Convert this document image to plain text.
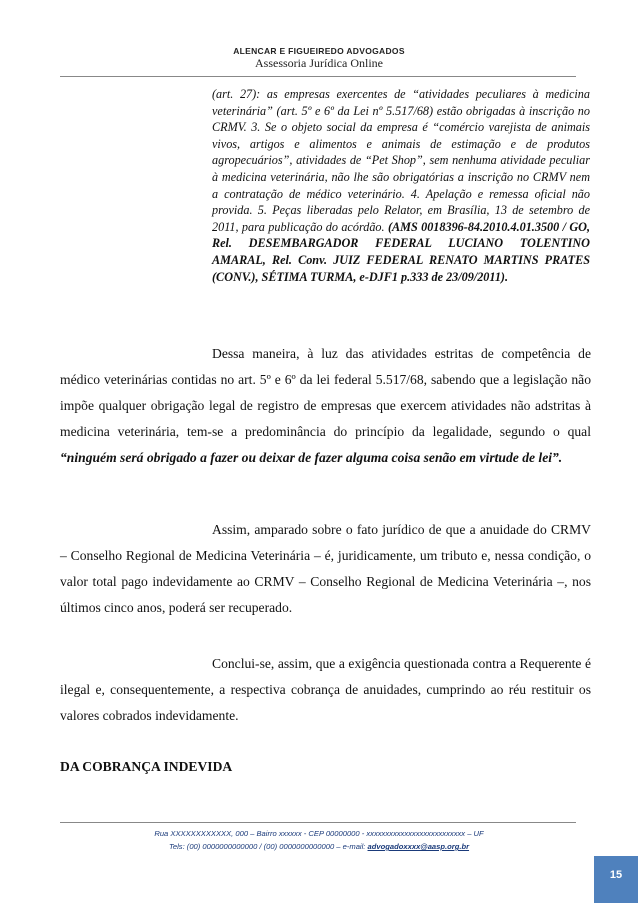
ALENCAR E FIGUEIREDO ADVOGADOS
Assessoria Jurídica Online
(art. 27): as empresas exercentes de “atividades peculiares à medicina veterinária” (art. 5º e 6º da Lei nº 5.517/68) estão obrigadas à inscrição no CRMV. 3. Se o objeto social da empresa é “comércio varejista de animais vivos, artigos e alimentos e animais de estimação e de produtos agropecuários”, atividades de “Pet Shop”, sem nenhuma atividade peculiar à medicina veterinária, não lhe são obrigatórias a inscrição no CRMV nem a contratação de médico veterinário. 4. Apelação e remessa oficial não provida. 5. Peças liberadas pelo Relator, em Brasília, 13 de setembro de 2011, para publicação do acórdão. (AMS 0018396-84.2010.4.01.3500 / GO, Rel. DESEMBARGADOR FEDERAL LUCIANO TOLENTINO AMARAL, Rel. Conv. JUIZ FEDERAL RENATO MARTINS PRATES (CONV.), SÉTIMA TURMA, e-DJF1 p.333 de 23/09/2011).
Dessa maneira, à luz das atividades estritas de competência de médico veterinárias contidas no art. 5º e 6º da lei federal 5.517/68, sabendo que a legislação não impõe qualquer obrigação legal de registro de empresas que exercem atividades não adstritas à medicina veterinária, tem-se a predominância do princípio da legalidade, segundo o qual “ninguém será obrigado a fazer ou deixar de fazer alguma coisa senão em virtude de lei”.
Assim, amparado sobre o fato jurídico de que a anuidade do CRMV – Conselho Regional de Medicina Veterinária – é, juridicamente, um tributo e, nessa condição, o valor total pago indevidamente ao CRMV – Conselho Regional de Medicina Veterinária –, nos últimos cinco anos, poderá ser recuperado.
Conclui-se, assim, que a exigência questionada contra a Requerente é ilegal e, consequentemente, a respectiva cobrança de anuidades, cumprindo ao réu restituir os valores cobrados indevidamente.
DA COBRANÇA INDEVIDA
Rua XXXXXXXXXXXX, 000 – Bairro xxxxxx - CEP 00000000 - xxxxxxxxxxxxxxxxxxxxxxxxxx – UF
Tels: (00) 0000000000000 / (00) 0000000000000 – e-mail: advogadoxxxx@aasp.org.br
15
